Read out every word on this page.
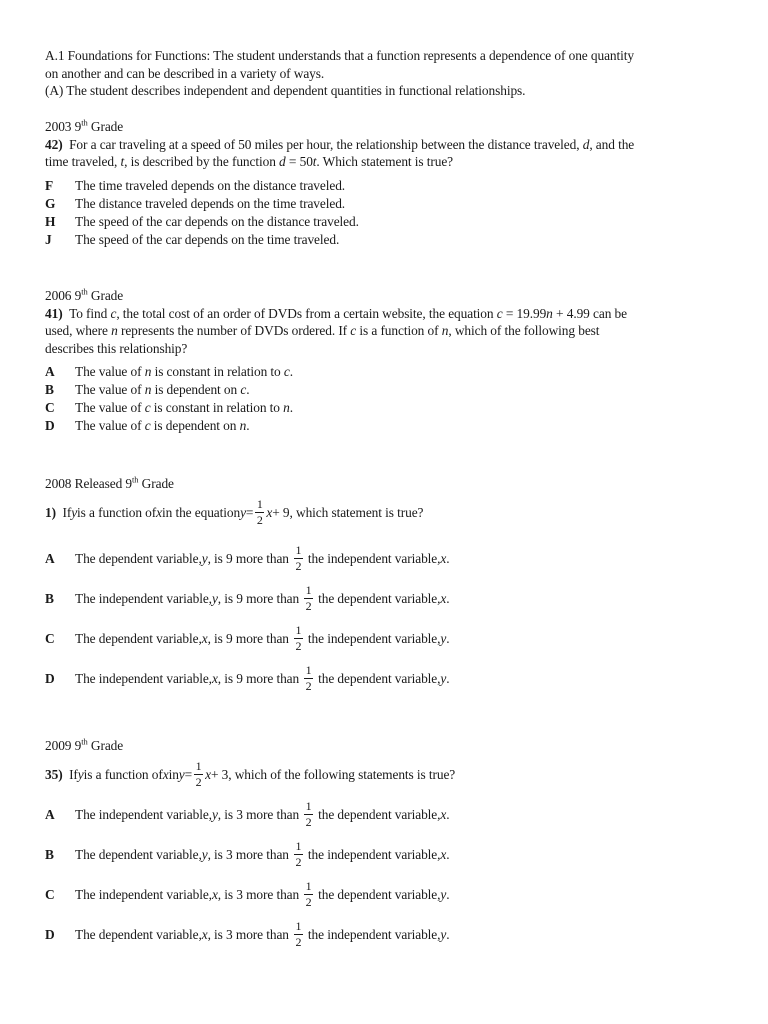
A.1 Foundations for Functions: The student understands that a function represents a dependence of one quantity

on another and can be described in a variety of ways.

(A) The student describes independent and dependent quantities in functional relationships.

2003 9th Grade

42) For a car traveling at a speed of 50 miles per hour, the relationship between the distance traveled, d, and the

time traveled, t, is described by the function d = 50t. Which statement is true?

F	The time traveled depends on the distance traveled.
G	The distance traveled depends on the time traveled.
H	The speed of the car depends on the distance traveled.
J	The speed of the car depends on the time traveled.

2006 9th Grade

41) To find c, the total cost of an order of DVDs from a certain website, the equation c = 19.99n + 4.99 can be

used, where n represents the number of DVDs ordered. If c is a function of n, which of the following best

describes this relationship?

A	The value of n is constant in relation to c.
B	The value of n is dependent on c.
C	The value of c is constant in relation to n.
D	The value of c is dependent on n.

2008 Released 9th Grade

1)
If y is a function of x in the equation $y = \frac{1}{2}$ x + 9, which statement is true?
A	The dependent variable, y , is 9 more than $\frac{1}{2}$ the independent variable, x .
B	The independent variable, y , is 9 more than $\frac{1}{2}$ the dependent variable, x .
C	The dependent variable, x , is 9 more than $\frac{1}{2}$ the independent variable, y .
D	The independent variable, x , is 9 more than $\frac{1}{2}$ the dependent variable, y .

2009 9th Grade

35)
If y is a function of x in $y = \frac{1}{2}$ x + 3, which of the following statements is true?
A	The independent variable, y , is 3 more than $\frac{1}{2}$ the dependent variable, x .
B	The dependent variable, y , is 3 more than $\frac{1}{2}$ the independent variable, x .
C	The independent variable, x , is 3 more than $\frac{1}{2}$ the dependent variable, y .
D	The dependent variable, x , is 3 more than $\frac{1}{2}$ the independent variable, y .
